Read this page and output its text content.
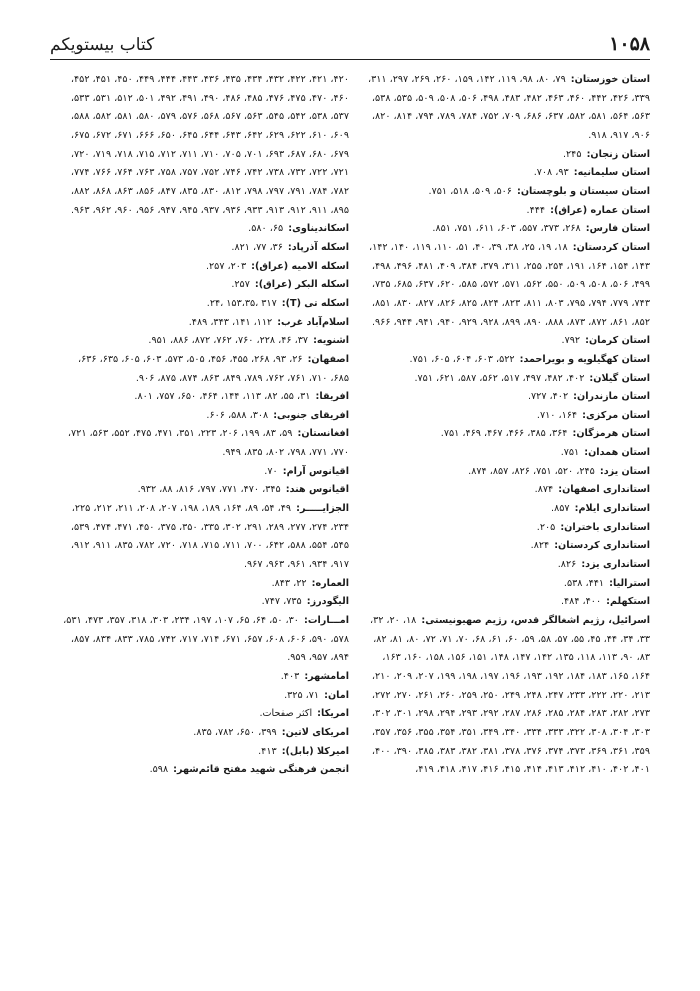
۱۰۵۸
کتاب بیستویکم

استان خوزستان: ۷۹، ۸۰، ۹۸، ۱۱۹، ۱۴۲، ۱۵۹، ۲۶۰، ۲۶۹، ۲۹۷، ۳۱۱، ۳۳۹، ۴۲۶، ۴۴۲، ۴۶۰، ۴۶۳، ۴۸۲، ۴۸۳، ۴۹۸، ۵۰۶، ۵۰۸، ۵۰۹، ۵۳۵، ۵۳۸، ۵۶۳، ۵۶۴، ۵۸۱، ۵۸۲، ۶۳۷، ۶۸۶، ۷۰۹، ۷۵۲، ۷۸۴، ۷۸۹، ۷۹۴، ۸۱۴، ۸۲۰، ۹۰۶، ۹۱۷، ۹۱۸.

استان زنجان: ۲۴۵.

استان سلیمانیه: ۹۳، ۷۰۸.

استان سیستان و بلوچستان: ۵۰۶، ۵۰۹، ۵۱۸، ۷۵۱.

استان عماره (عراق): ۴۴۴.

استان فارس: ۲۶۸، ۳۷۳، ۵۵۷، ۶۰۳، ۶۱۱، ۷۵۱، ۸۵۱.

استان کردستان: ۱۸، ۱۹، ۲۵، ۳۸، ۳۹، ۴۰، ۵۱، ۱۱۰، ۱۱۹، ۱۴۰، ۱۴۲، ۱۴۳، ۱۵۴، ۱۶۴، ۱۹۱، ۲۵۴، ۲۵۵، ۳۱۱، ۳۷۹، ۳۸۴، ۴۰۹، ۴۸۱، ۴۹۶، ۴۹۸، ۴۹۹، ۵۰۶، ۵۰۸، ۵۰۹، ۵۵۰، ۵۶۲، ۵۷۱، ۵۷۲، ۵۸۵، ۶۲۰، ۶۳۷، ۶۸۵، ۷۳۵، ۷۴۳، ۷۷۹، ۷۹۴، ۷۹۵، ۸۰۳، ۸۱۱، ۸۲۳، ۸۲۴، ۸۲۵، ۸۲۶، ۸۲۷، ۸۳۰، ۸۵۱، ۸۵۲، ۸۶۱، ۸۷۲، ۸۷۳، ۸۸۸، ۸۹۰، ۸۹۹، ۹۲۸، ۹۲۹، ۹۴۰، ۹۴۱، ۹۴۴، ۹۶۶.

استان کرمان: ۷۹۲.

استان کهگیلویه و بویراحمد: ۵۲۲، ۶۰۳، ۶۰۴، ۶۰۵، ۷۵۱.

استان گیلان: ۴۰۲، ۴۸۲، ۴۹۷، ۵۱۷، ۵۶۲، ۵۸۷، ۶۲۱، ۷۵۱.

استان مازندران: ۴۰۲، ۷۲۷.

استان مرکزی: ۱۶۴، ۷۱۰.

استان هرمزگان: ۳۶۴، ۳۸۵، ۴۶۶، ۴۶۷، ۴۶۹، ۷۵۱.

استان همدان: ۷۵۱.

استان یزد: ۲۴۵، ۵۲۰، ۷۵۱، ۸۲۶، ۸۵۷، ۸۷۴.

استانداری اصفهان: ۸۷۴.

استانداری ایلام: ۸۵۷.

استانداری باختران: ۲۰۵.

استانداری کردستان: ۸۲۴.

استانداری یزد: ۸۲۶.

استرالیا: ۴۴۱، ۵۳۸.

استکهلم: ۴۰۰، ۴۸۴.

اسرائیل، رژیم اشغالگر قدس، رژیم صهیونیستی: ۱۸، ۲۰، ۳۲، ۳۳، ۳۴، ۴۴، ۴۵، ۵۵، ۵۷، ۵۸، ۵۹، ۶۰، ۶۱، ۶۸، ۷۰، ۷۱، ۷۲، ۸۰، ۸۱، ۸۲، ۸۳، ۹۰، ۱۱۳، ۱۱۸، ۱۳۵، ۱۴۲، ۱۴۷، ۱۴۸، ۱۵۱، ۱۵۶، ۱۵۸، ۱۶۰، ۱۶۳، ۱۶۴، ۱۶۵، ۱۸۳، ۱۸۴، ۱۹۲، ۱۹۳، ۱۹۶، ۱۹۷، ۱۹۸، ۱۹۹، ۲۰۷، ۲۰۹، ۲۱۰، ۲۱۳، ۲۲۰، ۲۲۲، ۲۳۳، ۲۴۷، ۲۴۸، ۲۴۹، ۲۵۰، ۲۵۹، ۲۶۰، ۲۶۱، ۲۷۰، ۲۷۲، ۲۷۳، ۲۸۲، ۲۸۳، ۲۸۴، ۲۸۵، ۲۸۶، ۲۸۷، ۲۹۲، ۲۹۳، ۲۹۴، ۲۹۸، ۳۰۱، ۳۰۲، ۳۰۳، ۳۰۴، ۳۰۸، ۳۲۲، ۳۳۳، ۳۳۴، ۳۴۰، ۳۴۹، ۳۵۱، ۳۵۴، ۳۵۵، ۳۵۶، ۳۵۷، ۳۵۹، ۳۶۱، ۳۶۹، ۳۷۳، ۳۷۴، ۳۷۶، ۳۷۸، ۳۸۱، ۳۸۲، ۳۸۳، ۳۸۵، ۳۹۰، ۴۰۰، ۴۰۱، ۴۰۲، ۴۱۰، ۴۱۲، ۴۱۳، ۴۱۴، ۴۱۵، ۴۱۶، ۴۱۷، ۴۱۸، ۴۱۹،

۴۲۰، ۴۲۱، ۴۲۲، ۴۳۲، ۴۳۴، ۴۳۵، ۴۳۶، ۴۴۳، ۴۴۴، ۴۴۹، ۴۵۰، ۴۵۱، ۴۵۲، ۴۶۰، ۴۷۰، ۴۷۵، ۴۷۶، ۴۸۵، ۴۸۶، ۴۹۰، ۴۹۱، ۴۹۲، ۵۰۱، ۵۱۲، ۵۳۱، ۵۳۳، ۵۳۷، ۵۳۸، ۵۴۲، ۵۴۵، ۵۶۳، ۵۶۷، ۵۶۸، ۵۷۶، ۵۷۹، ۵۸۰، ۵۸۱، ۵۸۲، ۵۸۸، ۶۰۹، ۶۱۰، ۶۲۲، ۶۲۹، ۶۴۲، ۶۴۳، ۶۴۴، ۶۴۵، ۶۵۰، ۶۶۶، ۶۷۱، ۶۷۲، ۶۷۵، ۶۷۹، ۶۸۰، ۶۸۷، ۶۹۳، ۷۰۱، ۷۰۵، ۷۱۰، ۷۱۱، ۷۱۲، ۷۱۵، ۷۱۸، ۷۱۹، ۷۲۰، ۷۲۱، ۷۲۲، ۷۳۲، ۷۳۸، ۷۴۲، ۷۴۶، ۷۵۲، ۷۵۷، ۷۵۸، ۷۶۳، ۷۶۴، ۷۶۶، ۷۷۴، ۷۸۲، ۷۸۴، ۷۹۱، ۷۹۷، ۷۹۸، ۸۱۲، ۸۳۰، ۸۳۵، ۸۴۷، ۸۵۶، ۸۶۳، ۸۶۸، ۸۸۲، ۸۹۵، ۹۱۱، ۹۱۲، ۹۱۳، ۹۳۳، ۹۳۶، ۹۳۷، ۹۴۵، ۹۴۷، ۹۵۶، ۹۶۰، ۹۶۲، ۹۶۳.

اسکاندیناوی: ۶۵، ۵۸۰.

اسکله آذرپاد: ۳۶، ۷۷، ۸۲۱.

اسکله الامیه (عراق): ۲۰۳، ۲۵۷.

اسکله البکر (عراق): ۲۵۷.

اسکله تی (T): ۲۴، ۱۵۳،۳۵، ۳۱۷.

اسلام‌آباد غرب: ۱۱۲، ۱۴۱، ۳۴۳، ۴۸۹.

اشنویه: ۳۷، ۴۶، ۲۲۸، ۷۶۰، ۷۶۲، ۸۷۲، ۸۸۶، ۹۵۱.

اصفهان: ۲۶، ۹۳، ۲۶۸، ۴۵۵، ۴۵۶، ۵۰۵، ۵۷۳، ۶۰۳، ۶۰۵، ۶۳۵، ۶۳۶، ۶۸۵، ۷۱۰، ۷۶۱، ۷۶۲، ۷۸۹، ۸۴۹، ۸۶۳، ۸۷۴، ۸۷۵، ۹۰۶.

افریقا: ۳۱، ۵۵، ۸۲، ۱۱۳، ۱۴۴، ۴۶۴، ۶۵۰، ۷۵۷، ۸۰۱.

افریقای جنوبی: ۳۰۸، ۵۸۸، ۶۰۶.

افغانستان: ۵۹، ۸۳، ۱۹۹، ۲۰۶، ۲۲۳، ۳۵۱، ۴۷۱، ۴۷۵، ۵۵۲، ۵۶۳، ۷۲۱، ۷۷۰، ۷۷۱، ۷۹۸، ۸۰۲، ۸۳۵، ۹۴۹.

اقیانوس آرام: ۷۰.

اقیانوس هند: ۳۴۵، ۴۷۰، ۷۷۱، ۷۹۷، ۸۱۶، ۸۸، ۹۳۲.

الجزایـــــر: ۴۹، ۵۴، ۸۹، ۱۶۴، ۱۸۹، ۱۹۸، ۲۰۷، ۲۰۸، ۲۱۱، ۲۱۲، ۲۲۵، ۲۳۴، ۲۷۴، ۲۷۷، ۲۸۹، ۲۹۱، ۳۰۲، ۳۳۵، ۳۵۰، ۳۷۵، ۴۵۰، ۴۷۱، ۴۷۴، ۵۳۹، ۵۴۵، ۵۵۴، ۵۸۸، ۶۴۲، ۷۰۰، ۷۱۱، ۷۱۵، ۷۱۸، ۷۲۰، ۷۸۲، ۸۳۵، ۹۱۱، ۹۱۲، ۹۱۷، ۹۳۴، ۹۶۱، ۹۶۳، ۹۶۷.

العماره: ۲۲، ۸۴۳.

الیگودرز: ۷۳۵، ۷۴۷.

امـــارات: ۳۰، ۵۰، ۶۴، ۶۵، ۱۰۷، ۱۹۷، ۲۳۴، ۳۰۳، ۳۱۸، ۳۵۷، ۴۷۳، ۵۳۱، ۵۷۸، ۵۹۰، ۶۰۶، ۶۰۸، ۶۵۷، ۶۷۱، ۷۱۴، ۷۱۷، ۷۴۲، ۷۸۵، ۸۳۳، ۸۳۴، ۸۵۷، ۸۹۴، ۹۵۷، ۹۵۹.

امامشهر: ۴۰۳.

امان: ۷۱، ۳۲۵.

امریکا: اکثر صفحات.

امریکای لاتین: ۳۹۹، ۶۵۰، ۷۸۲، ۸۳۵.

امیرکلا (بابل): ۴۱۳.

انجمن فرهنگی شهید مفتح قائم‌شهر: ۵۹۸.
